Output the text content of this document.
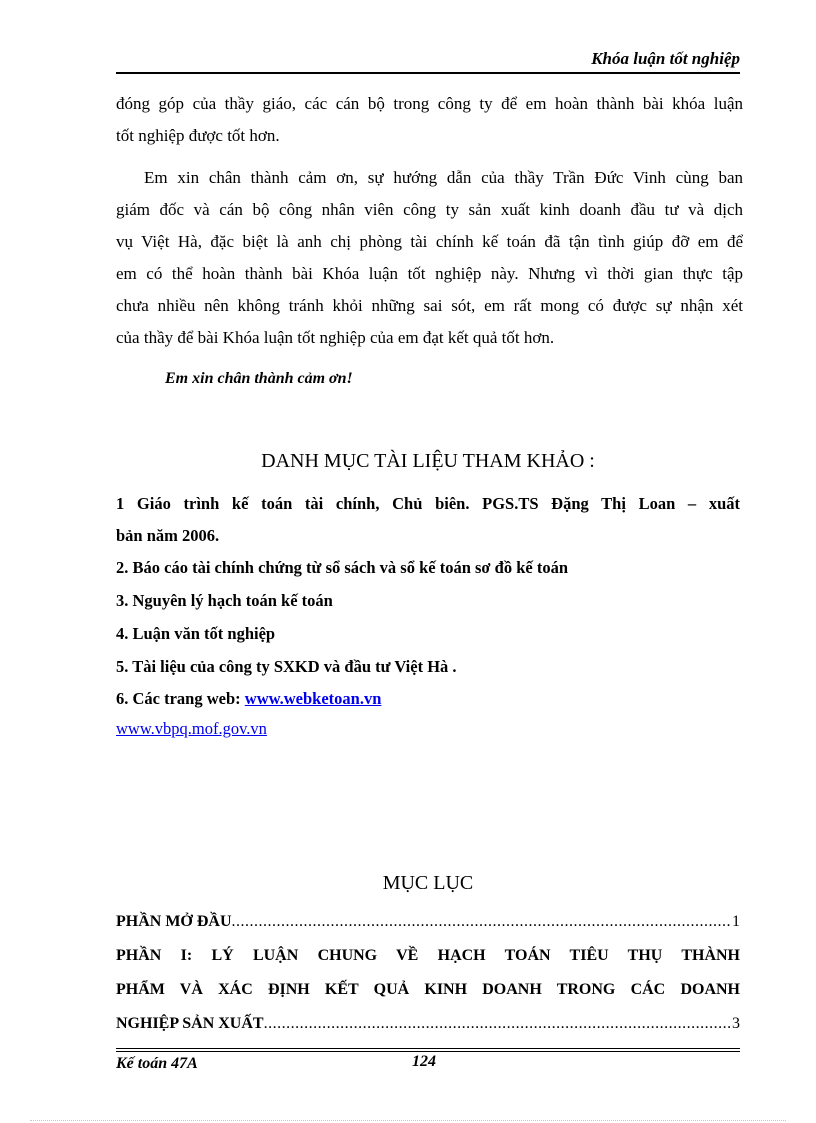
Khóa luận tốt nghiệp
đóng góp của thầy giáo, các cán bộ trong công ty để em hoàn thành bài khóa luận
tốt nghiệp được tốt hơn.
Em xin chân thành cảm ơn, sự hướng dẫn của thầy Trần Đức Vinh cùng ban
giám đốc và cán bộ công nhân viên công ty sản xuất kinh doanh đầu tư và dịch
vụ Việt Hà, đặc biệt là anh chị phòng tài chính kế toán đã tận tình giúp đỡ em để
em có thể hoàn thành bài Khóa luận tốt nghiệp này. Nhưng vì thời gian thực tập
chưa nhiều nên không tránh khỏi những sai sót, em rất mong có được sự nhận xét
của thầy để bài Khóa luận tốt nghiệp của em đạt kết quả tốt hơn.
Em xin chân thành cảm ơn!
DANH MỤC TÀI LIỆU THAM KHẢO :
1 Giáo trình kế toán tài chính, Chủ biên. PGS.TS Đặng Thị Loan – xuất
bản năm 2006.
2. Báo cáo tài chính chứng từ sổ sách và sổ kế toán sơ đồ kế toán
3. Nguyên lý hạch toán kế toán
4. Luận văn tốt nghiệp
5. Tài liệu của công ty SXKD và đầu tư Việt Hà .
6. Các trang web: www.webketoan.vn
www.vbpq.mof.gov.vn
MỤC LỤC
PHẦN MỞ ĐẦU .....	1
PHẦN I: LÝ LUẬN CHUNG VỀ HẠCH TOÁN TIÊU THỤ THÀNH
PHẨM VÀ XÁC ĐỊNH KẾT QUẢ KINH DOANH TRONG CÁC DOANH
NGHIỆP SẢN XUẤT .....	3
Kế toán 47A	124
